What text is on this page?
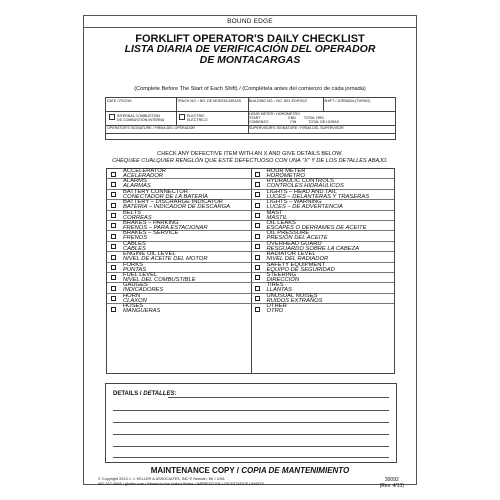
BOUND EDGE
FORKLIFT OPERATOR'S DAILY CHECKLIST
LISTA DIARIA DE VERIFICACIÓN DEL OPERADOR
DE MONTACARGAS
(Complete Before The Start of Each Shift) / (Complétela antes del comienzo de cada jornada)
DATE / FECHA	TRUCK NO. / NO. DE MONTACARGAS	BUILDING NO. / NO. DEL EDIFICIO	SHIFT / JORNADA (TURNO)
INTERNAL COMBUSTION
DE COMBUSTIÓN INTERNA
ELECTRIC
ELÉCTRICO
HOUR METER / HORÓMETRO
START	END TOTAL HRS.
COMIENZO	FIN	TOTAL DE HORAS
OPERATOR'S SIGNATURE / FIRMA DEL OPERADOR	SUPERVISOR'S SIGNATURE / FIRMA DEL SUPERVISOR
CHECK ANY DEFECTIVE ITEM WITH AN X AND GIVE DETAILS BELOW.
CHEQUEE CUALQUIER RENGLÓN QUE ESTÉ DEFECTUOSO CON UNA "X" Y DE LOS DETALLES ABAJO.
ACCELERATOR
ACELERADOR
ALARMS
ALARMAS
BATTERY CONNECTOR
CONECTADOR DE LA BATERÍA
BATTERY – DISCHARGE INDICATOR
BATERÍA – INDICADOR DE DESCARGA
BELTS
CORREAS
BRAKES – PARKING
FRENOS – PARA ESTACIONAR
BRAKES – SERVICE
FRENOS
CABLES
CABLES
ENGINE OIL LEVEL
NIVEL DE ACEITE DEL MOTOR
FORKS
PUNTAS
FUEL LEVEL
NIVEL DEL COMBUSTIBLE
GAUGES
INDICADORES
HORN
CLAXON
HOSES
MANGUERAS
HOUR METER
HORÓMETRO
HYDRAULIC CONTROLS
CONTROLES HIDRÁULICOS
LIGHTS – HEAD AND TAIL
LUCES – DELANTERAS Y TRASERAS
LIGHTS – WARNING
LUCES – DE ADVERTENCIA
MAST
MÁSTIL
OIL LEAKS
ESCAPES O DERRAMES DE ACEITE
OIL PRESSURE
PRESIÓN DEL ACEITE
OVERHEAD GUARD
RESGUARDO SOBRE LA CABEZA
RADIATOR LEVEL
NIVEL DEL RADIADOR
SAFETY EQUIPMENT
EQUIPO DE SEGURIDAD
STEERING
DIRECCIÓN
TIRES
LLANTAS
UNUSUAL NOISES
RUIDOS EXTRAÑOS
OTHER
OTRO
DETAILS / DETALLES:
MAINTENANCE COPY / COPIA DE MANTENIMIENTO
© Copyright 2013 J. J. KELLER & ASSOCIATES, INC.® Neenah, WI • USA
800-327-6868 • jjkeller.com • Printed in the United States / IMPRESO EN LOS ESTADOS UNIDOS
30092
(Rev. 4/13)
